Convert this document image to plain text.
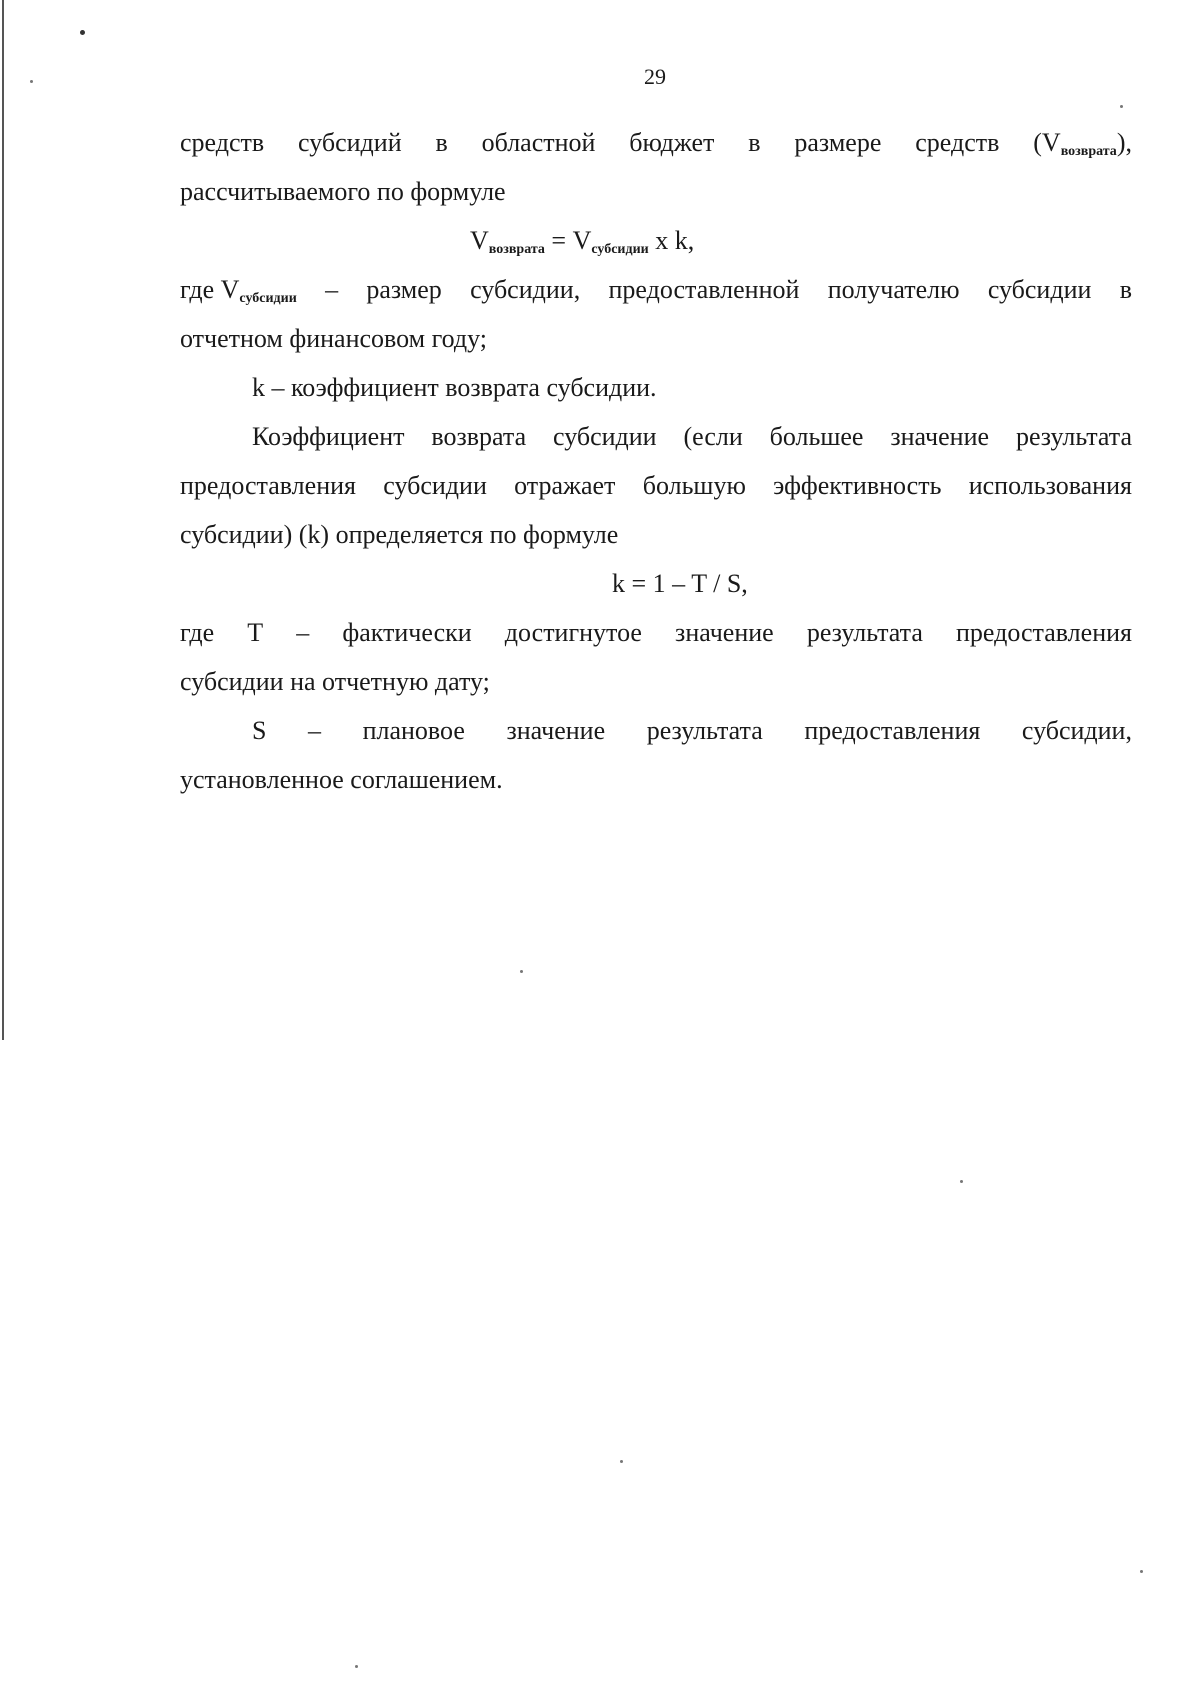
29
средств субсидий в областной бюджет в размере средств $(V_{возврата})$,
рассчитываемого по формуле
$V_{возврата} = V_{субсидии}$ x k,
где $V_{субсидии}$ – размер субсидии, предоставленной получателю субсидии в
отчетном финансовом году;
k – коэффициент возврата субсидии.
Коэффициент возврата субсидии (если большее значение результата
предоставления субсидии отражает большую эффективность использования
субсидии) (k) определяется по формуле
k = 1 – T / S,
где T – фактически достигнутое значение результата предоставления
субсидии на отчетную дату;
S – плановое значение результата предоставления субсидии,
установленное соглашением.
